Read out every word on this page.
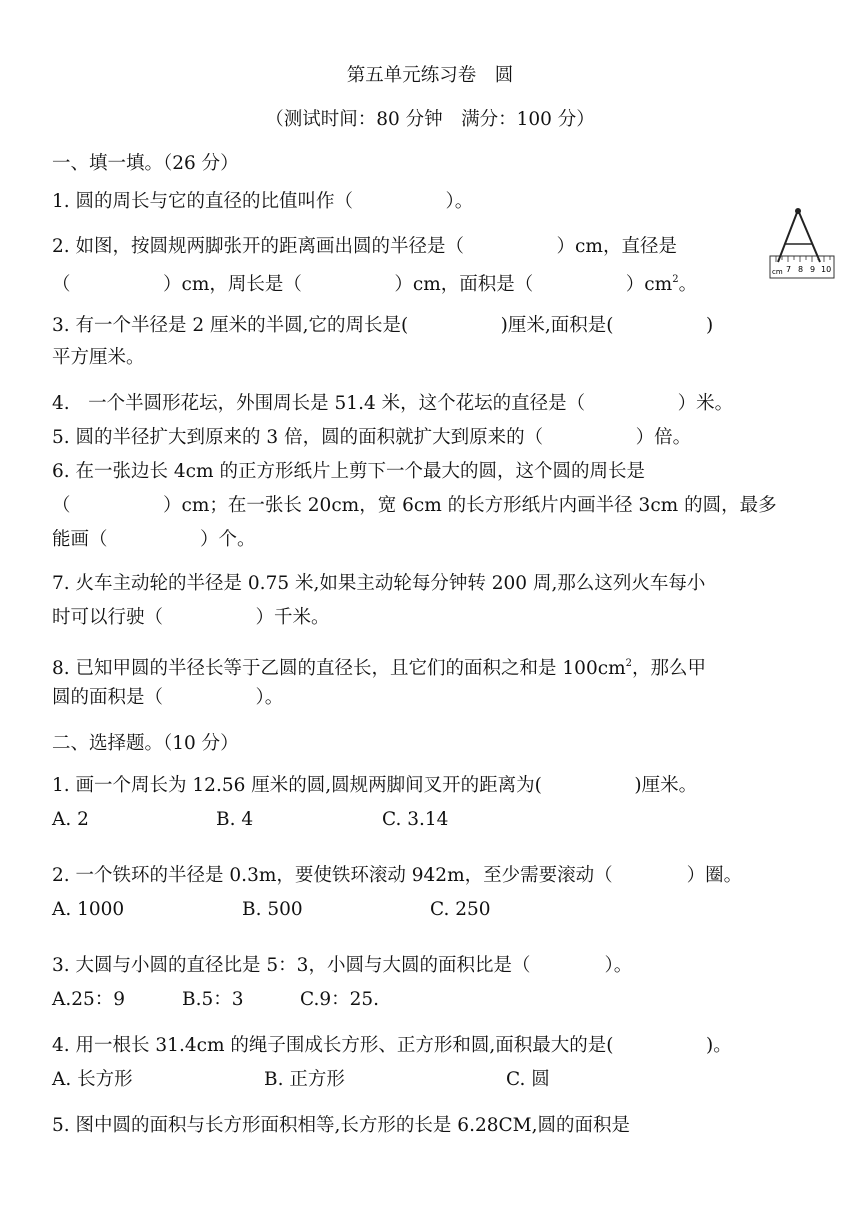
第五单元练习卷　圆
（测试时间：80 分钟　满分：100 分）
一、填一填。（26 分）
1. 圆的周长与它的直径的比值叫作（　　　　　）。
2. 如图，按圆规两脚张开的距离画出圆的半径是（　　　　　）cm，直径是
（　　　　　）cm，周长是（　　　　　）cm，面积是（　　　　　）$cm^2$。
cm 7 8 9 10
3. 有一个半径是 2 厘米的半圆,它的周长是(　　　　　)厘米,面积是(　　　　　)
平方厘米。
4.　一个半圆形花坛，外围周长是 51.4 米，这个花坛的直径是（　　　　　）米。
5. 圆的半径扩大到原来的 3 倍，圆的面积就扩大到原来的（　　　　　）倍。
6. 在一张边长 4cm 的正方形纸片上剪下一个最大的圆，这个圆的周长是
（　　　　　）cm；在一张长 20cm，宽 6cm 的长方形纸片内画半径 3cm 的圆，最多
能画（　　　　　）个。
7. 火车主动轮的半径是 0.75 米,如果主动轮每分钟转 200 周,那么这列火车每小
时可以行驶（　　　　　）千米。
8. 已知甲圆的半径长等于乙圆的直径长，且它们的面积之和是 $100cm^2$，那么甲
圆的面积是（　　　　　）。
二、选择题。（10 分）
1. 画一个周长为 12.56 厘米的圆,圆规两脚间叉开的距离为(　　　　　)厘米。
A. 2	B. 4	C. 3.14
2. 一个铁环的半径是 0.3m，要使铁环滚动 942m，至少需要滚动（　　　　）圈。
A. 1000	B. 500	C. 250
3. 大圆与小圆的直径比是 5：3，小圆与大圆的面积比是（　　　　）。
A.25：9	B.5：3	C.9：25.
4. 用一根长 31.4cm 的绳子围成长方形、正方形和圆,面积最大的是(　　　　　)。
A. 长方形	B. 正方形	C. 圆
5. 图中圆的面积与长方形面积相等,长方形的长是 6.28CM,圆的面积是
